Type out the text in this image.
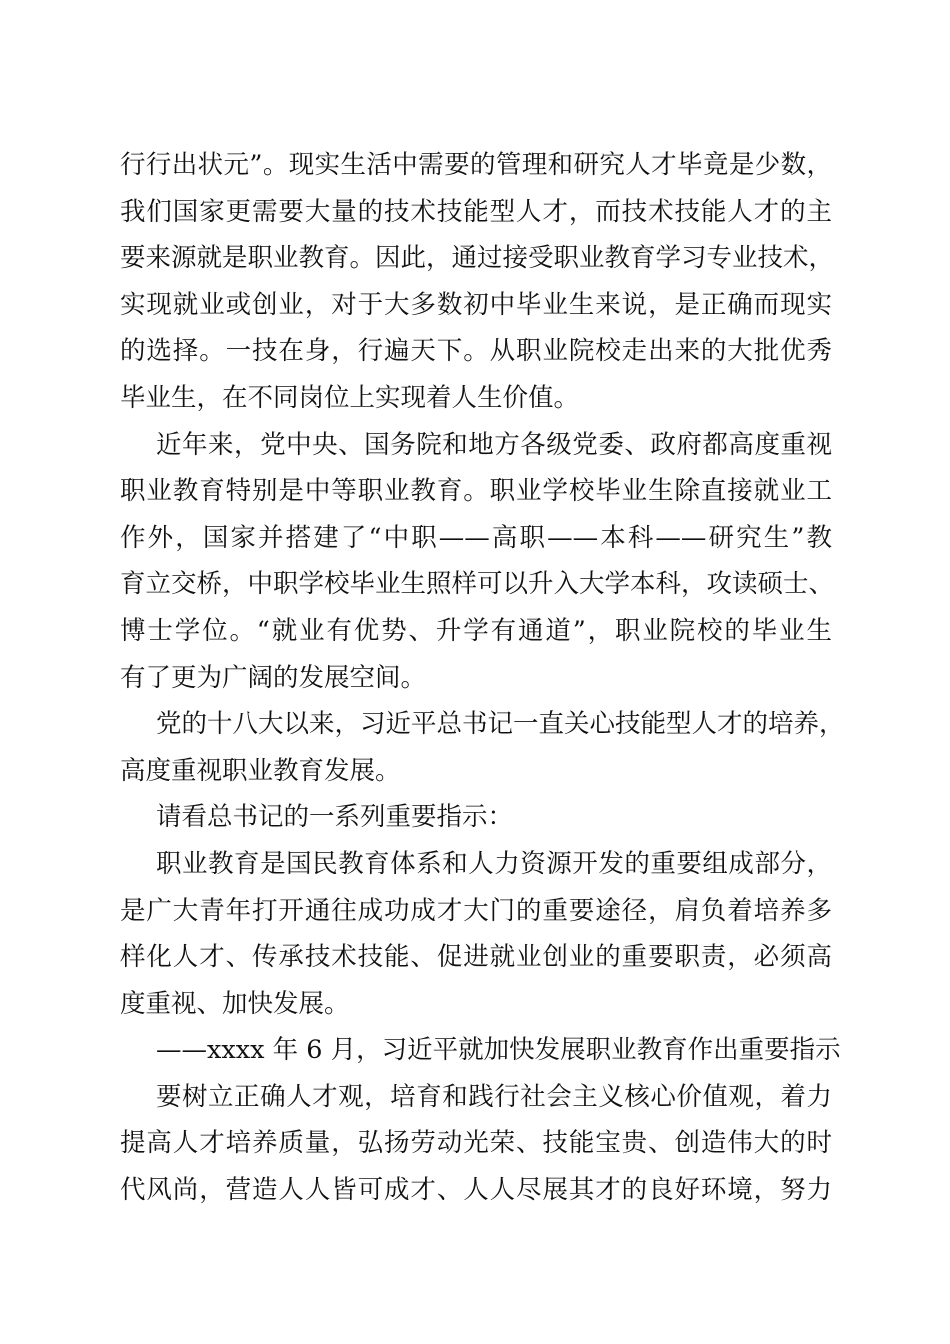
行行出状元”。现实生活中需要的管理和研究人才毕竟是少数，
我们国家更需要大量的技术技能型人才，而技术技能人才的主
要来源就是职业教育。因此，通过接受职业教育学习专业技术，
实现就业或创业，对于大多数初中毕业生来说，是正确而现实
的选择。一技在身，行遍天下。从职业院校走出来的大批优秀
毕业生，在不同岗位上实现着人生价值。
近年来，党中央、国务院和地方各级党委、政府都高度重视
职业教育特别是中等职业教育。职业学校毕业生除直接就业工
作外，国家并搭建了“中职——高职——本科——研究生”教
育立交桥，中职学校毕业生照样可以升入大学本科，攻读硕士、
博士学位。“就业有优势、升学有通道”，职业院校的毕业生
有了更为广阔的发展空间。
党的十八大以来，习近平总书记一直关心技能型人才的培养，
高度重视职业教育发展。
请看总书记的一系列重要指示：
职业教育是国民教育体系和人力资源开发的重要组成部分，
是广大青年打开通往成功成才大门的重要途径，肩负着培养多
样化人才、传承技术技能、促进就业创业的重要职责，必须高
度重视、加快发展。
——xxxx 年 6 月，习近平就加快发展职业教育作出重要指示
要树立正确人才观，培育和践行社会主义核心价值观，着力
提高人才培养质量，弘扬劳动光荣、技能宝贵、创造伟大的时
代风尚，营造人人皆可成才、人人尽展其才的良好环境，努力
